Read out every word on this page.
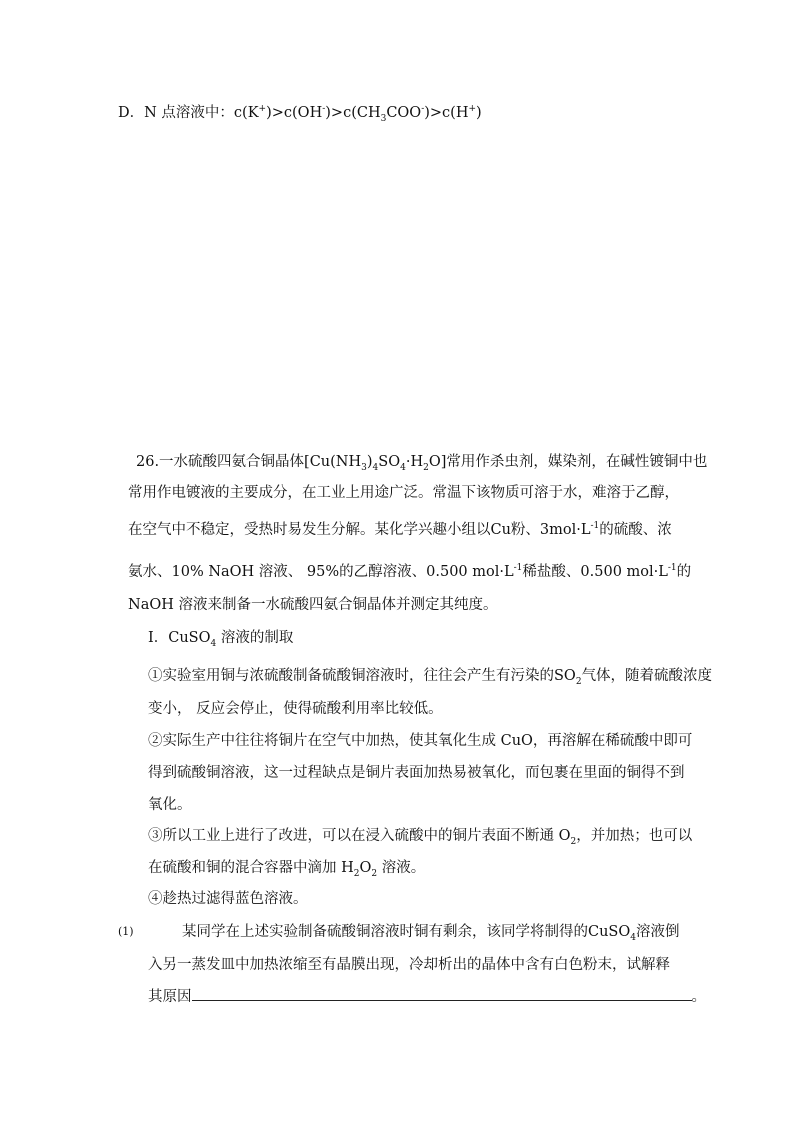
D．N 点溶液中：$c(K^+)>c(OH^-)>c(CH_3COO^-)>c(H^+)$
26.一水硫酸四氨合铜晶体$[Cu(NH_3)_4SO_4\cdot H_2O]$常用作杀虫剂，媒染剂，在碱性镀铜中也
常用作电镀液的主要成分，在工业上用途广泛。常温下该物质可溶于水，难溶于乙醇，
在空气中不稳定，受热时易发生分解。某化学兴趣小组以Cu粉、$3mol\cdot L^{-1}$的硫酸、浓
氨水、10% NaOH 溶液、 95%的乙醇溶液、0.500 $mol\cdot L^{-1}$稀盐酸、0.500 $mol\cdot L^{-1}$的
NaOH 溶液来制备一水硫酸四氨合铜晶体并测定其纯度。
I．CuSO$_4$ 溶液的制取
①实验室用铜与浓硫酸制备硫酸铜溶液时，往往会产生有污染的$SO_2$气体，随着硫酸浓度
变小， 反应会停止，使得硫酸利用率比较低。
②实际生产中往往将铜片在空气中加热，使其氧化生成 CuO，再溶解在稀硫酸中即可
得到硫酸铜溶液，这一过程缺点是铜片表面加热易被氧化，而包裹在里面的铜得不到
氧化。
③所以工业上进行了改进，可以在浸入硫酸中的铜片表面不断通 $O_2$，并加热；也可以
在硫酸和铜的混合容器中滴加 $H_2O_2$ 溶液。
④趁热过滤得蓝色溶液。
(1)	某同学在上述实验制备硫酸铜溶液时铜有剩余，该同学将制得的CuSO$_4$溶液倒
入另一蒸发皿中加热浓缩至有晶膜出现，冷却析出的晶体中含有白色粉末，试解释
其原因	。
